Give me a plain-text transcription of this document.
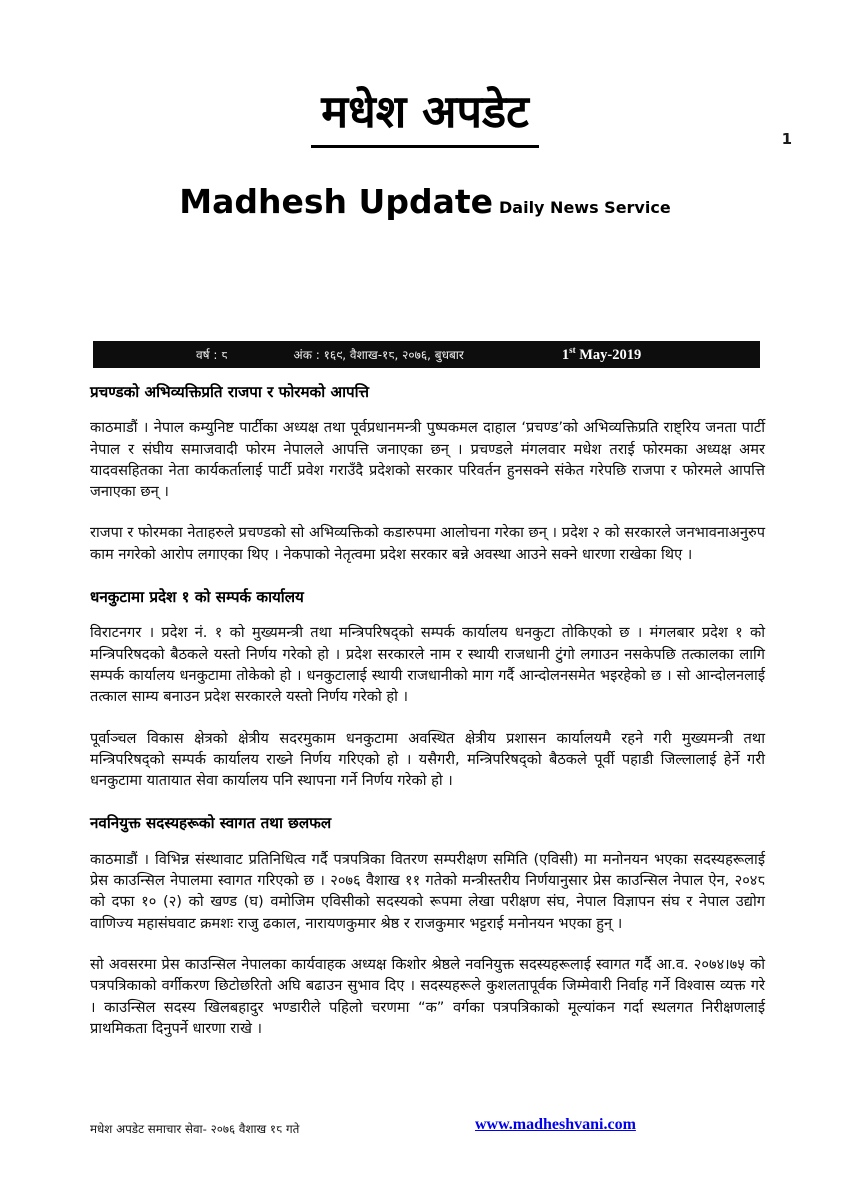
1
मधेश अपडेट
Madhesh Update Daily News Service
वर्ष : ८	अंक : १६९, वैशाख-१८, २०७६, बुधबार	1st May-2019
प्रचण्डको अभिव्यक्तिप्रति राजपा र फोरमको आपत्ति

काठमाडौं । नेपाल कम्युनिष्ट पार्टीका अध्यक्ष तथा पूर्वप्रधानमन्त्री पुष्पकमल दाहाल ‘प्रचण्ड’को अभिव्यक्तिप्रति राष्ट्रिय जनता पार्टी नेपाल र संघीय समाजवादी फोरम नेपालले आपत्ति जनाएका छन् । प्रचण्डले मंगलवार मधेश तराई फोरमका अध्यक्ष अमर यादवसहितका नेता कार्यकर्तालाई पार्टी प्रवेश गराउँदै प्रदेशको सरकार परिवर्तन हुनसक्ने संकेत गरेपछि राजपा र फोरमले आपत्ति जनाएका छन् ।

राजपा र फोरमका नेताहरुले प्रचण्डको सो अभिव्यक्तिको कडारुपमा आलोचना गरेका छन् । प्रदेश २ को सरकारले जनभावनाअनुरुप काम नगरेको आरोप लगाएका थिए । नेकपाको नेतृत्वमा प्रदेश सरकार बन्ने अवस्था आउने सक्ने धारणा राखेका थिए ।

धनकुटामा प्रदेश १ को सम्पर्क कार्यालय

विराटनगर । प्रदेश नं. १ को मुख्यमन्त्री तथा मन्त्रिपरिषद्को सम्पर्क कार्यालय धनकुटा तोकिएको छ । मंगलबार प्रदेश १ को मन्त्रिपरिषदको बैठकले यस्तो निर्णय गरेको हो । प्रदेश सरकारले नाम र स्थायी राजधानी टुंगो लगाउन नसकेपछि तत्कालका लागि सम्पर्क कार्यालय धनकुटामा तोकेको हो । धनकुटालाई स्थायी राजधानीको माग गर्दै आन्दोलनसमेत भइरहेको छ । सो आन्दोलनलाई तत्काल साम्य बनाउन प्रदेश सरकारले यस्तो निर्णय गरेको हो ।

पूर्वाञ्चल विकास क्षेत्रको क्षेत्रीय सदरमुकाम धनकुटामा अवस्थित क्षेत्रीय प्रशासन कार्यालयमै रहने गरी मुख्यमन्त्री तथा मन्त्रिपरिषद्को सम्पर्क कार्यालय राख्ने निर्णय गरिएको हो । यसैगरी, मन्त्रिपरिषद्को बैठकले पूर्वी पहाडी जिल्लालाई हेर्ने गरी धनकुटामा यातायात सेवा कार्यालय पनि स्थापना गर्ने निर्णय गरेको हो ।

नवनियुक्त सदस्यहरूको स्वागत तथा छलफल

काठमाडौं । विभिन्न संस्थावाट प्रतिनिधित्व गर्दै पत्रपत्रिका वितरण सम्परीक्षण समिति (एविसी) मा मनोनयन भएका सदस्यहरूलाई प्रेस काउन्सिल नेपालमा स्वागत गरिएको छ । २०७६ वैशाख ११ गतेको मन्त्रीस्तरीय निर्णयानुसार प्रेस काउन्सिल नेपाल ऐन, २०४८ को दफा १० (२) को खण्ड (घ) वमोजिम एविसीको सदस्यको रूपमा लेखा परीक्षण संघ, नेपाल विज्ञापन संघ र नेपाल उद्योग वाणिज्य महासंघवाट क्रमशः राजु ढकाल, नारायणकुमार श्रेष्ठ र राजकुमार भट्टराई मनोनयन भएका हुन् ।

सो अवसरमा प्रेस काउन्सिल नेपालका कार्यवाहक अध्यक्ष किशोर श्रेष्ठले नवनियुक्त सदस्यहरूलाई स्वागत गर्दै आ.व. २०७४।७५ को पत्रपत्रिकाको वर्गीकरण छिटोछरितो अघि बढाउन सुभाव दिए । सदस्यहरूले कुशलतापूर्वक जिम्मेवारी निर्वाह गर्ने विश्वास व्यक्त गरे । काउन्सिल सदस्य खिलबहादुर भण्डारीले पहिलो चरणमा “क” वर्गका पत्रपत्रिकाको मूल्यांकन गर्दा स्थलगत निरीक्षणलाई प्राथमिकता दिनुपर्ने धारणा राखे ।

मधेश अपडेट समाचार सेवा- २०७६ वैशाख १८ गते	www.madheshvani.com
